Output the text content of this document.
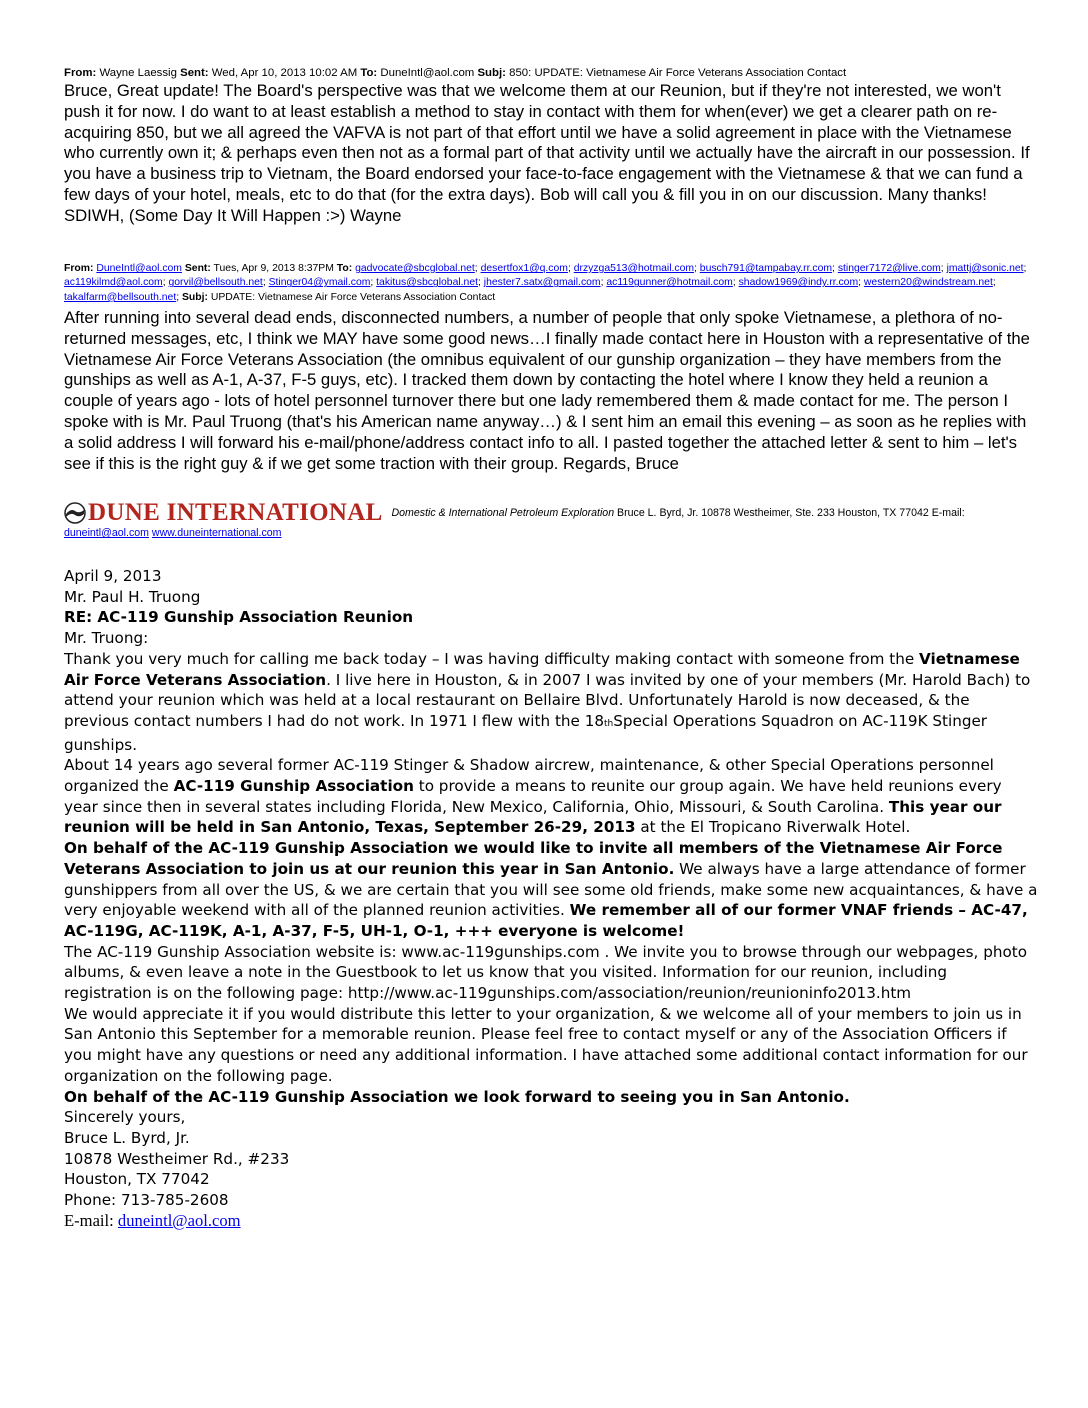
From: Wayne Laessig Sent: Wed, Apr 10, 2013 10:02 AM To: DuneIntl@aol.com Subj: 850: UPDATE: Vietnamese Air Force Veterans Association Contact
Bruce, Great update! The Board's perspective was that we welcome them at our Reunion, but if they're not interested, we won't push it for now. I do want to at least establish a method to stay in contact with them for when(ever) we get a clearer path on re-acquiring 850, but we all agreed the VAFVA is not part of that effort until we have a solid agreement in place with the Vietnamese who currently own it; & perhaps even then not as a formal part of that activity until we actually have the aircraft in our possession. If you have a business trip to Vietnam, the Board endorsed your face-to-face engagement with the Vietnamese & that we can fund a few days of your hotel, meals, etc to do that (for the extra days). Bob will call you & fill you in on our discussion. Many thanks! SDIWH, (Some Day It Will Happen :>) Wayne
From: DuneIntl@aol.com Sent: Tues, Apr 9, 2013 8:37PM To: gadvocate@sbcglobal.net; desertfox1@q.com; drzyzga513@hotmail.com; busch791@tampabay.rr.com; stinger7172@live.com; jmattj@sonic.net; ac119kilmd@aol.com; gorvil@bellsouth.net; Stinger04@ymail.com; takitus@sbcglobal.net; jhester7.satx@gmail.com; ac119gunner@hotmail.com; shadow1969@indy.rr.com; western20@windstream.net; takalfarm@bellsouth.net; Subj: UPDATE: Vietnamese Air Force Veterans Association Contact
After running into several dead ends, disconnected numbers, a number of people that only spoke Vietnamese, a plethora of no-returned messages, etc, I think we MAY have some good news…I finally made contact here in Houston with a representative of the Vietnamese Air Force Veterans Association (the omnibus equivalent of our gunship organization – they have members from the gunships as well as A-1, A-37, F-5 guys, etc). I tracked them down by contacting the hotel where I know they held a reunion a couple of years ago - lots of hotel personnel turnover there but one lady remembered them & made contact for me. The person I spoke with is Mr. Paul Truong (that's his American name anyway…) & I sent him an email this evening – as soon as he replies with a solid address I will forward his e-mail/phone/address contact info to all. I pasted together the attached letter & sent to him – let's see if this is the right guy & if we get some traction with their group. Regards, Bruce
DUNE INTERNATIONAL Domestic & International Petroleum Exploration Bruce L. Byrd, Jr. 10878 Westheimer, Ste. 233 Houston, TX 77042 E-mail: duneintl@aol.com www.duneinternational.com

April 9, 2013

Mr. Paul H. Truong

RE: AC-119 Gunship Association Reunion

Mr. Truong:

Thank you very much for calling me back today – I was having difficulty making contact with someone from the Vietnamese Air Force Veterans Association. I live here in Houston, & in 2007 I was invited by one of your members (Mr. Harold Bach) to attend your reunion which was held at a local restaurant on Bellaire Blvd. Unfortunately Harold is now deceased, & the previous contact numbers I had do not work. In 1971 I flew with the 18thSpecial Operations Squadron on AC-119K Stinger gunships.

About 14 years ago several former AC-119 Stinger & Shadow aircrew, maintenance, & other Special Operations personnel organized the AC-119 Gunship Association to provide a means to reunite our group again. We have held reunions every year since then in several states including Florida, New Mexico, California, Ohio, Missouri, & South Carolina. This year our reunion will be held in San Antonio, Texas, September 26-29, 2013 at the El Tropicano Riverwalk Hotel.

On behalf of the AC-119 Gunship Association we would like to invite all members of the Vietnamese Air Force Veterans Association to join us at our reunion this year in San Antonio. We always have a large attendance of former gunshippers from all over the US, & we are certain that you will see some old friends, make some new acquaintances, & have a very enjoyable weekend with all of the planned reunion activities. We remember all of our former VNAF friends – AC-47, AC-119G, AC-119K, A-1, A-37, F-5, UH-1, O-1, +++ everyone is welcome!

The AC-119 Gunship Association website is: www.ac-119gunships.com . We invite you to browse through our webpages, photo albums, & even leave a note in the Guestbook to let us know that you visited. Information for our reunion, including registration is on the following page: http://www.ac-119gunships.com/association/reunion/reunioninfo2013.htm

We would appreciate it if you would distribute this letter to your organization, & we welcome all of your members to join us in San Antonio this September for a memorable reunion. Please feel free to contact myself or any of the Association Officers if you might have any questions or need any additional information. I have attached some additional contact information for our organization on the following page.

On behalf of the AC-119 Gunship Association we look forward to seeing you in San Antonio.

Sincerely yours,

Bruce L. Byrd, Jr.

10878 Westheimer Rd., #233

Houston, TX 77042

Phone: 713-785-2608

E-mail: duneintl@aol.com
